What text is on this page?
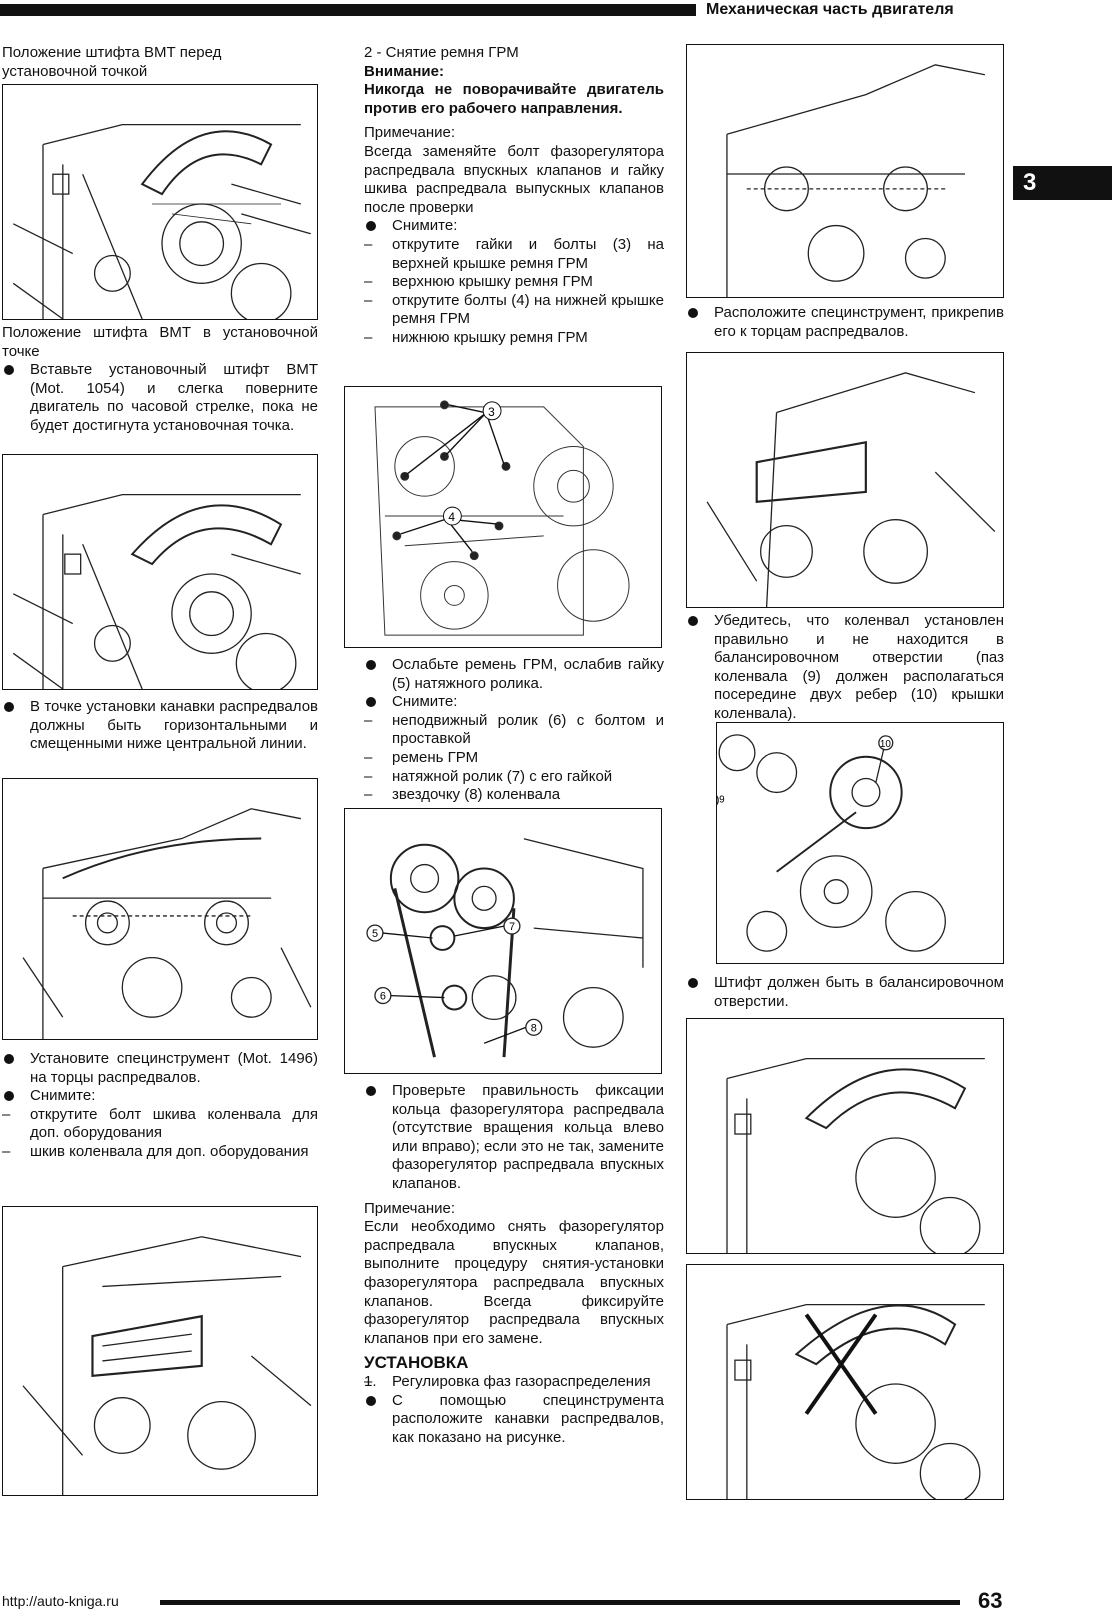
Механическая часть двигателя
3

Положение штифта ВМТ перед установочной точкой

Положение штифта ВМТ в установочной точке

Вставьте установочный штифт ВМТ (Mot. 1054) и слегка поверните двигатель по часовой стрелке, пока не будет достигнута установочная точка.
В точке установки канавки распредвалов должны быть горизонтальными и смещенными ниже центральной линии.
Установите специнструмент (Mot. 1496) на торцы распредвалов.
Снимите:
– открутите болт шкива коленвала для доп. оборудования
– шкив коленвала для доп. оборудования

2 - Снятие ремня ГРМ

Внимание:

Никогда не поворачивайте двигатель против его рабочего направления.

Примечание:

Всегда заменяйте болт фазорегулятора распредвала впускных клапанов и гайку шкива распредвала выпускных клапанов после проверки

Снимите:
– открутите гайки и болты (3) на верхней крышке ремня ГРМ
– верхнюю крышку ремня ГРМ
– открутите болты (4) на нижней крышке ремня ГРМ
– нижнюю крышку ремня ГРМ
3
4
Ослабьте ремень ГРМ, ослабив гайку (5) натяжного ролика.
Снимите:
– неподвижный ролик (6) с болтом и проставкой
– ремень ГРМ
– натяжной ролик (7) с его гайкой
– звездочку (8) коленвала
5
6
7
8
Проверьте правильность фиксации кольца фазорегулятора распредвала (отсутствие вращения кольца влево или вправо); если это не так, замените фазорегулятор распредвала впускных клапанов.

Примечание:

Если необходимо снять фазорегулятор распредвала впускных клапанов, выполните процедуру снятия-установки фазорегулятора распредвала впускных клапанов. Всегда фиксируйте фазорегулятор распредвала впускных клапанов при его замене.

УСТАНОВКА

– 1. Регулировка фаз газораспределения
С помощью специнструмента расположите канавки распредвалов, как показано на рисунке.
Расположите специнструмент, прикрепив его к торцам распредвалов.
Убедитесь, что коленвал установлен правильно и не находится в балансировочном отверстии (паз коленвала (9) должен располагаться посередине двух ребер (10) крышки коленвала).
10
9
Штифт должен быть в балансировочном отверстии.
http://auto-kniga.ru	63
